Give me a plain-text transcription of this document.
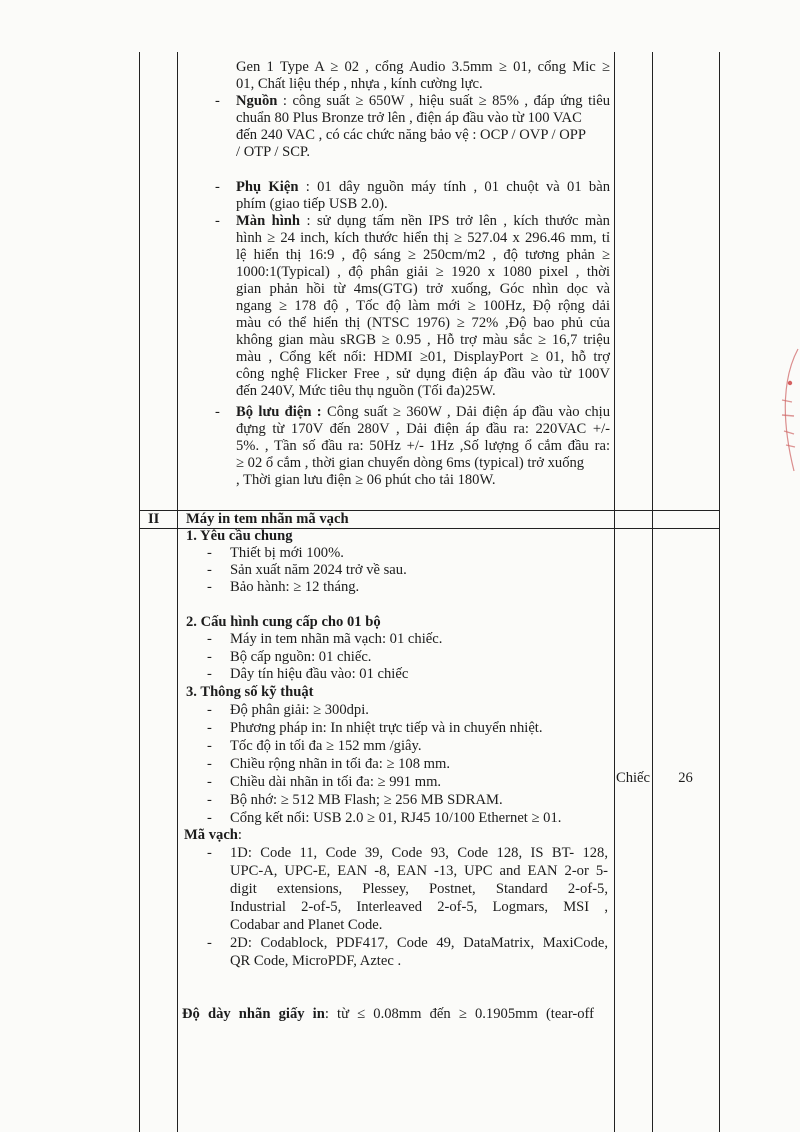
Gen 1 Type A ≥ 02 , cổng Audio 3.5mm ≥ 01, cổng Mic ≥
01, Chất liệu thép , nhựa , kính cường lực.
- Nguồn : công suất ≥ 650W , hiệu suất ≥ 85% , đáp ứng tiêu
chuẩn 80 Plus Bronze trở lên , điện áp đầu vào từ 100 VAC
đến 240 VAC , có các chức năng bảo vệ : OCP / OVP / OPP
/ OTP / SCP.
- Phụ Kiện : 01 dây nguồn máy tính , 01 chuột và 01 bàn
phím (giao tiếp USB 2.0).
- Màn hình : sử dụng tấm nền IPS trở lên , kích thước màn
hình ≥ 24 inch, kích thước hiển thị ≥ 527.04 x 296.46 mm, tỉ
lệ hiển thị 16:9 , độ sáng ≥ 250cm/m2 , độ tương phản ≥
1000:1(Typical) , độ phân giải ≥ 1920 x 1080 pixel , thời
gian phản hồi từ 4ms(GTG) trở xuống, Góc nhìn dọc và
ngang ≥ 178 độ , Tốc độ làm mới ≥ 100Hz, Độ rộng dải
màu có thể hiển thị (NTSC 1976) ≥ 72% ,Độ bao phủ của
không gian màu sRGB ≥ 0.95 , Hỗ trợ màu sắc ≥ 16,7 triệu
màu , Cổng kết nối: HDMI ≥01, DisplayPort ≥ 01, hỗ trợ
công nghệ Flicker Free , sử dụng điện áp đầu vào từ 100V
đến 240V, Mức tiêu thụ nguồn (Tối đa)25W.
- Bộ lưu điện : Công suất ≥ 360W , Dải điện áp đầu vào chịu
đựng từ 170V đến 280V , Dải điện áp đầu ra: 220VAC +/-
5%. , Tần số đầu ra: 50Hz +/- 1Hz ,Số lượng ổ cắm đầu ra:
≥ 02 ổ cắm , thời gian chuyển dòng 6ms (typical) trở xuống
, Thời gian lưu điện ≥ 06 phút cho tải 180W.
II Máy in tem nhãn mã vạch
1. Yêu cầu chung
- Thiết bị mới 100%.
- Sản xuất năm 2024 trở về sau.
- Bảo hành: ≥ 12 tháng.
2. Cấu hình cung cấp cho 01 bộ
- Máy in tem nhãn mã vạch: 01 chiếc.
- Bộ cấp nguồn: 01 chiếc.
- Dây tín hiệu đầu vào: 01 chiếc
3. Thông số kỹ thuật
- Độ phân giải: ≥ 300dpi.
- Phương pháp in: In nhiệt trực tiếp và in chuyển nhiệt.
- Tốc độ in tối đa ≥ 152 mm /giây.
- Chiều rộng nhãn in tối đa: ≥ 108 mm.
- Chiều dài nhãn in tối đa: ≥ 991 mm.
- Bộ nhớ: ≥ 512 MB Flash; ≥ 256 MB SDRAM.
- Cổng kết nối: USB 2.0 ≥ 01, RJ45 10/100 Ethernet ≥ 01.
Mã vạch:
- 1D: Code 11, Code 39, Code 93, Code 128, IS BT- 128,
UPC-A, UPC-E, EAN -8, EAN -13, UPC and EAN 2-or 5-
digit extensions, Plessey, Postnet, Standard 2-of-5,
Industrial 2-of-5, Interleaved 2-of-5, Logmars, MSI ,
Codabar and Planet Code.
- 2D: Codablock, PDF417, Code 49, DataMatrix, MaxiCode,
QR Code, MicroPDF, Aztec .
Độ dày nhãn giấy in: từ ≤ 0.08mm đến ≥ 0.1905mm (tear-off
Chiếc	26
